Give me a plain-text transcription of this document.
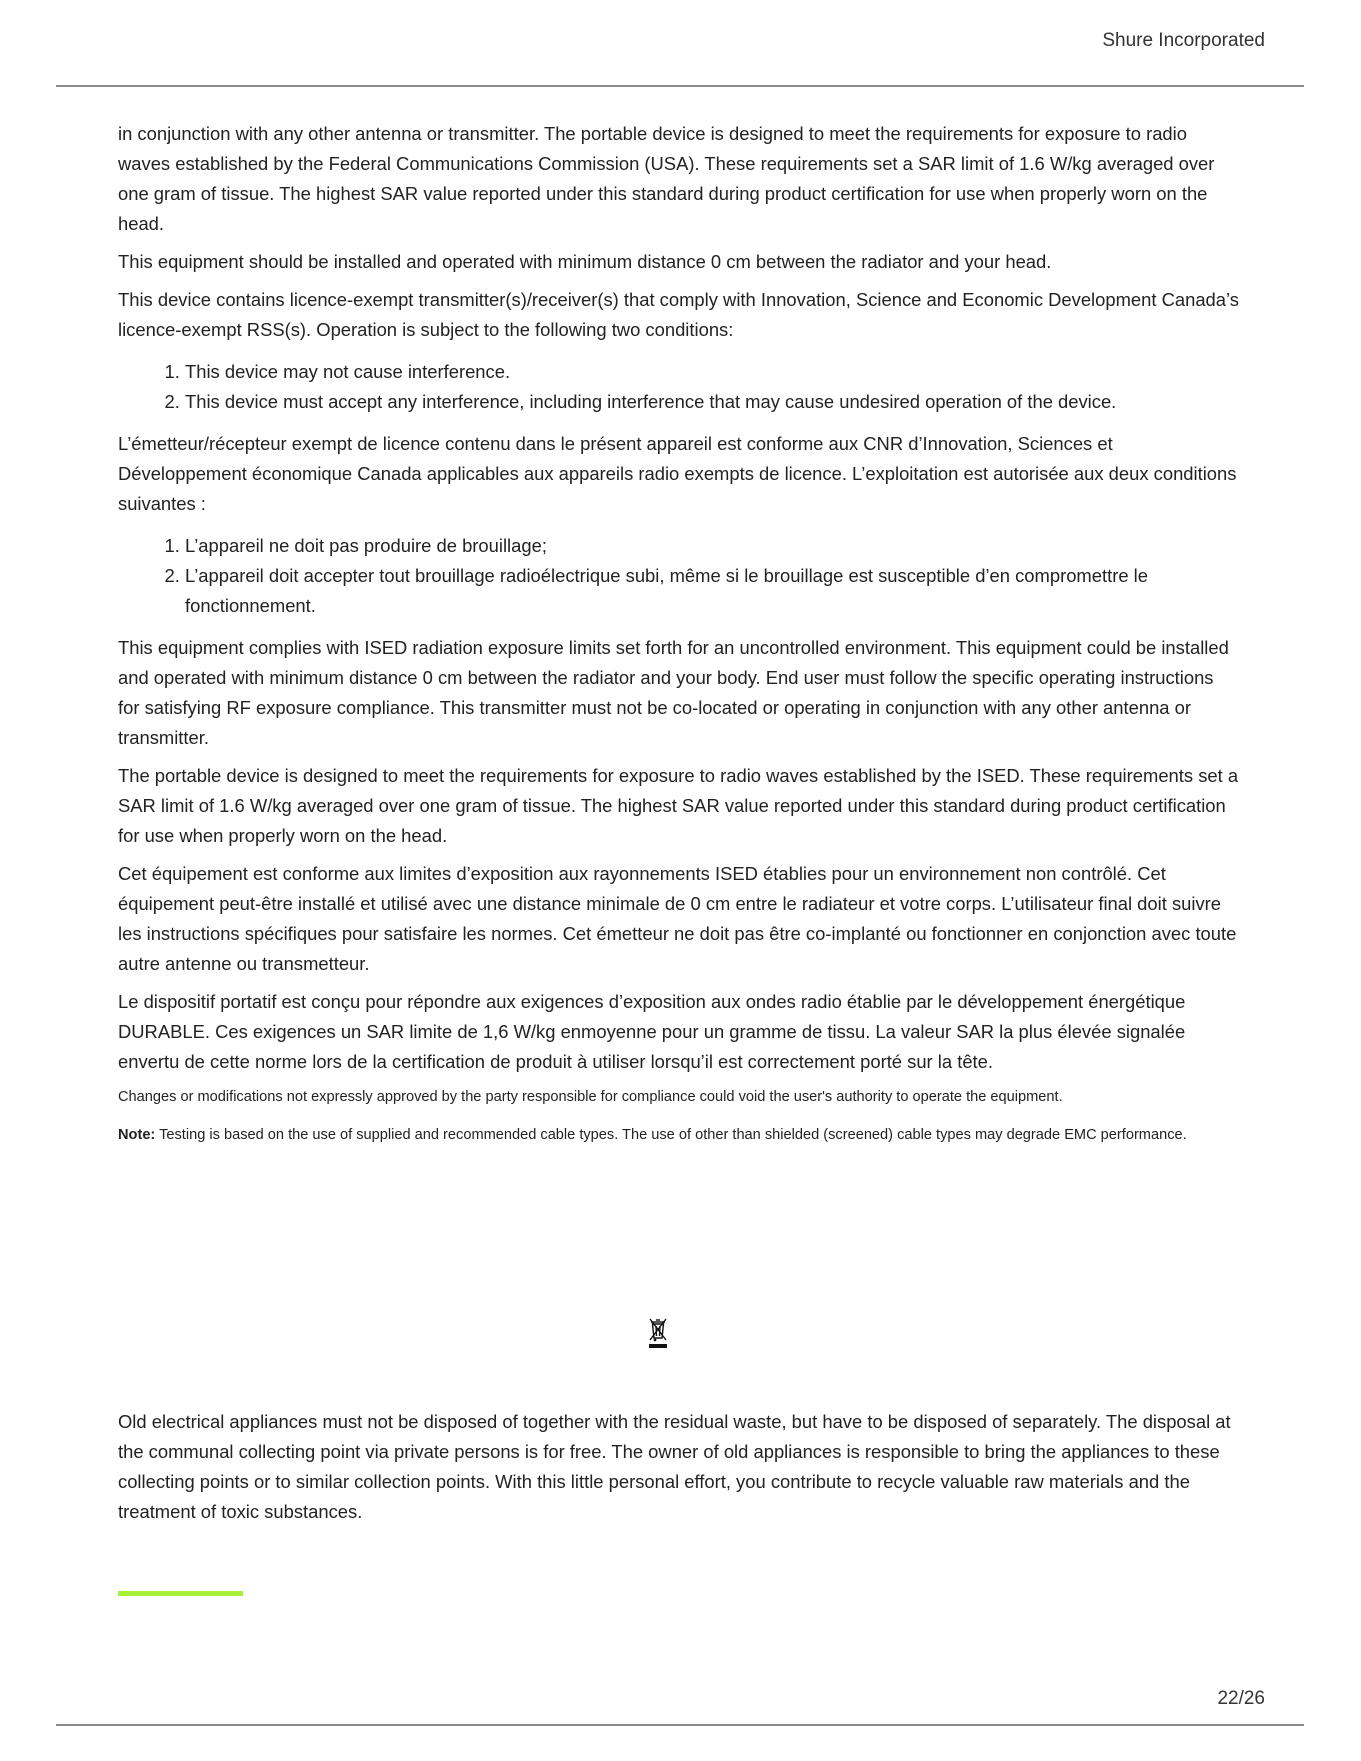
Shure Incorporated

in conjunction with any other antenna or transmitter. The portable device is designed to meet the requirements for exposure to radio waves established by the Federal Communications Commission (USA). These requirements set a SAR limit of 1.6 W/kg averaged over one gram of tissue. The highest SAR value reported under this standard during product certification for use when properly worn on the head.

This equipment should be installed and operated with minimum distance 0 cm between the radiator and your head.

This device contains licence-exempt transmitter(s)/receiver(s) that comply with Innovation, Science and Economic Development Canada’s licence-exempt RSS(s). Operation is subject to the following two conditions:

1. This device may not cause interference.
2. This device must accept any interference, including interference that may cause undesired operation of the device.

L’émetteur/récepteur exempt de licence contenu dans le présent appareil est conforme aux CNR d’Innovation, Sciences et Développement économique Canada applicables aux appareils radio exempts de licence. L’exploitation est autorisée aux deux conditions suivantes :

1. L’appareil ne doit pas produire de brouillage;
2. L’appareil doit accepter tout brouillage radioélectrique subi, même si le brouillage est susceptible d’en compromettre le fonctionnement.

This equipment complies with ISED radiation exposure limits set forth for an uncontrolled environment. This equipment could be installed and operated with minimum distance 0 cm between the radiator and your body. End user must follow the specific operating instructions for satisfying RF exposure compliance. This transmitter must not be co-located or operating in conjunction with any other antenna or transmitter.

The portable device is designed to meet the requirements for exposure to radio waves established by the ISED. These requirements set a SAR limit of 1.6 W/kg averaged over one gram of tissue. The highest SAR value reported under this standard during product certification for use when properly worn on the head.

Cet équipement est conforme aux limites d’exposition aux rayonnements ISED établies pour un environnement non contrôlé. Cet équipement peut-être installé et utilisé avec une distance minimale de 0 cm entre le radiateur et votre corps. L’utilisateur final doit suivre les instructions spécifiques pour satisfaire les normes. Cet émetteur ne doit pas être co-implanté ou fonctionner en conjonction avec toute autre antenne ou transmetteur.

Le dispositif portatif est conçu pour répondre aux exigences d’exposition aux ondes radio établie par le développement énergétique DURABLE. Ces exigences un SAR limite de 1,6 W/kg enmoyenne pour un gramme de tissu. La valeur SAR la plus élevée signalée envertu de cette norme lors de la certification de produit à utiliser lorsqu’il est correctement porté sur la tête.

Changes or modifications not expressly approved by the party responsible for compliance could void the user's authority to operate the equipment.

Note: Testing is based on the use of supplied and recommended cable types. The use of other than shielded (screened) cable types may degrade EMC performance.

Old electrical appliances must not be disposed of together with the residual waste, but have to be disposed of separately. The disposal at the communal collecting point via private persons is for free. The owner of old appliances is responsible to bring the appliances to these collecting points or to similar collection points. With this little personal effort, you contribute to recycle valuable raw materials and the treatment of toxic substances.

22/26
